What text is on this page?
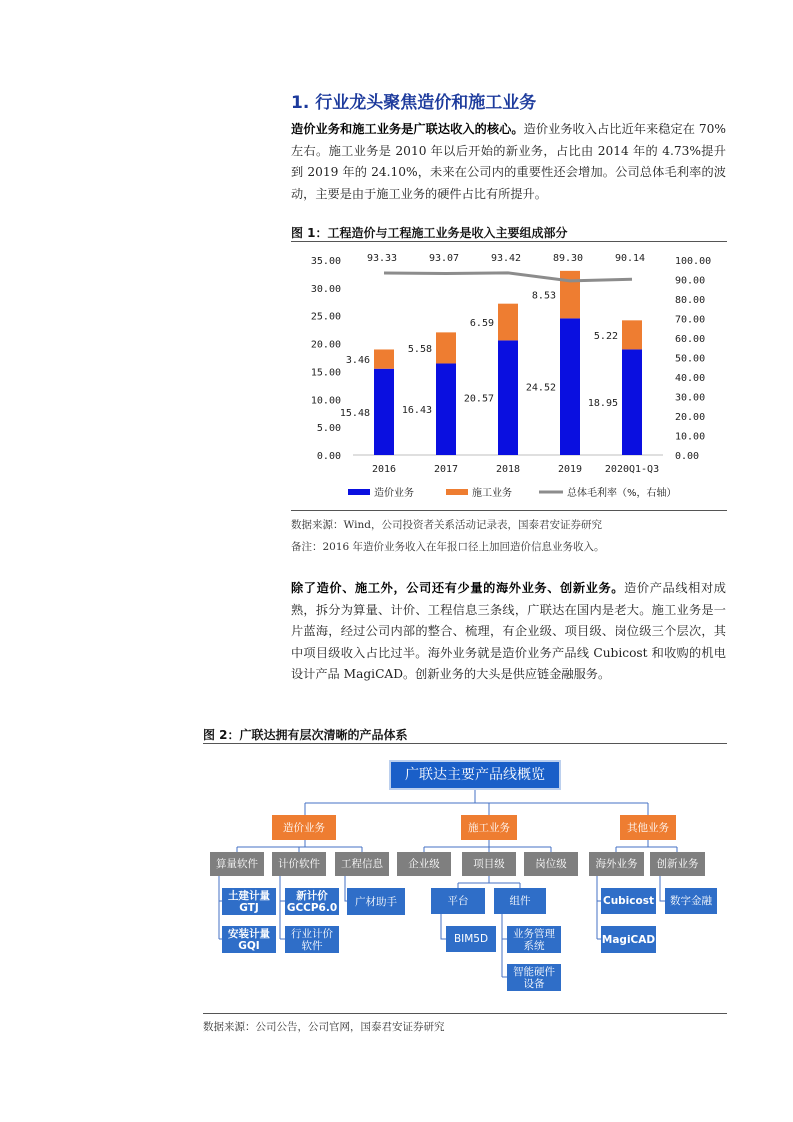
1. 行业龙头聚焦造价和施工业务
造价业务和施工业务是广联达收入的核心。造价业务收入占比近年来稳定在 70%左右。施工业务是 2010 年以后开始的新业务，占比由 2014 年的 4.73%提升到 2019 年的 24.10%，未来在公司内的重要性还会增加。公司总体毛利率的波动，主要是由于施工业务的硬件占比有所提升。
图 1：工程造价与工程施工业务是收入主要组成部分
0.00
5.00
10.00
15.00
20.00
25.00
30.00
35.00
0.00
10.00
20.00
30.00
40.00
50.00
60.00
70.00
80.00
90.00
100.00
2016	2017	2018	2019 2020Q1-Q3
15.48
3.46
93.33
16.43
5.58
93.07
20.57
6.59
93.42
24.52
8.53
89.30
18.95
5.22
90.14
造价业务	施工业务	总体毛利率（%，右轴）
数据来源：Wind，公司投资者关系活动记录表，国泰君安证券研究
备注：2016 年造价业务收入在年报口径上加回造价信息业务收入。
除了造价、施工外，公司还有少量的海外业务、创新业务。造价产品线相对成熟，拆分为算量、计价、工程信息三条线，广联达在国内是老大。施工业务是一片蓝海，经过公司内部的整合、梳理，有企业级、项目级、岗位级三个层次，其中项目级收入占比过半。海外业务就是造价业务产品线 Cubicost 和收购的机电设计产品 MagiCAD。创新业务的大头是供应链金融服务。
图 2：广联达拥有层次清晰的产品体系
广联达主要产品线概览
造价业务	施工业务	其他业务
算量软件	计价软件	工程信息	企业级	项目级	岗位级	海外业务	创新业务
土建计量 GTJ
安装计量 GQI
新计价 GCCP6.0
行业计价 软件
广材助手	平台	组件
BIM5D	业务管理 系统
智能硬件 设备
Cubicost
MagiCAD
数字金融
数据来源：公司公告，公司官网，国泰君安证券研究
